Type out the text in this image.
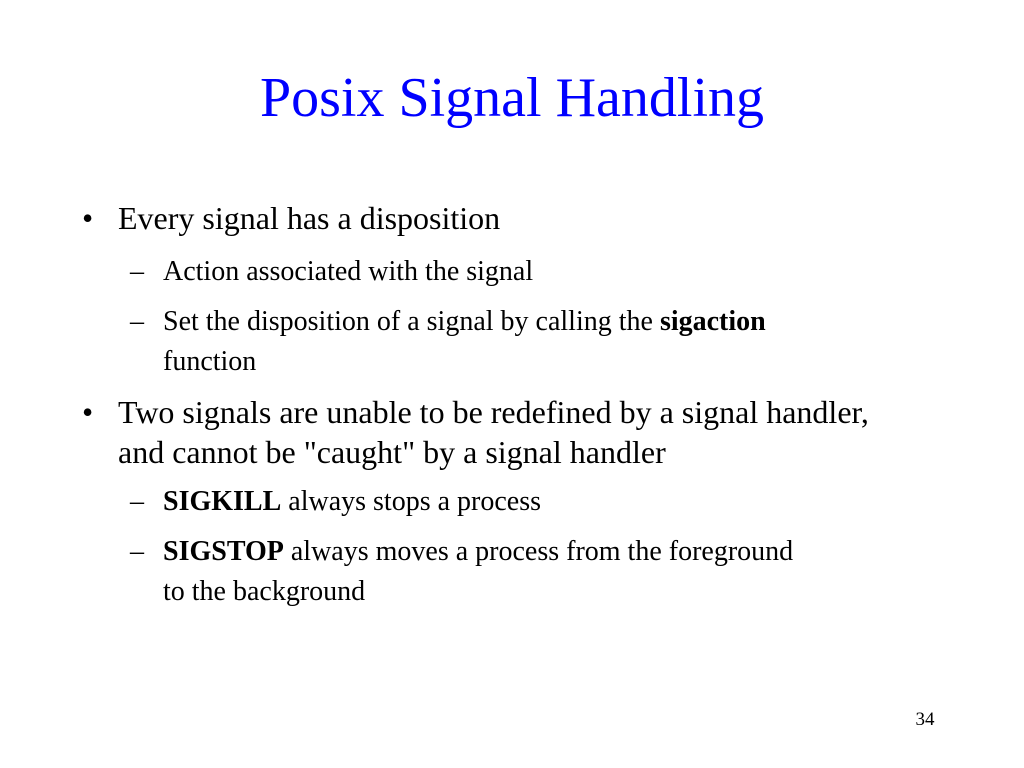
Posix Signal Handling
• Every signal has a disposition
– Action associated with the signal
– Set the disposition of a signal by calling the sigaction
function
• Two signals are unable to be redefined by a signal handler,
and cannot be "caught" by a signal handler
– SIGKILL always stops a process
– SIGSTOP always moves a process from the foreground
to the background
34
